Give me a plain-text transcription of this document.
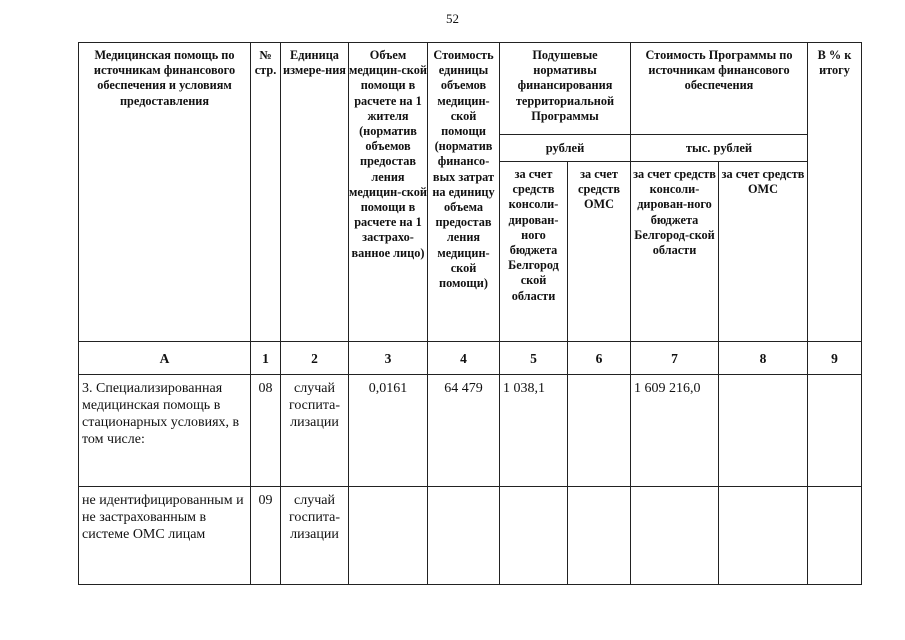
52
Медицинская помощь по источникам финансового обеспечения и условиям предоставления	№ стр.	Единица измере-ния	Объем медицин-ской помощи в расчете на 1 жителя (норматив объемов предостав ления медицин-ской помощи в расчете на 1 застрахо-ванное лицо)	Стоимость единицы объемов медицин-ской помощи (норматив финансо-вых затрат на единицу объема предостав ления медицин-ской помощи)	Подушевые нормативы финансирования территориальной Программы		Стоимость Программы по источникам финансового обеспечения		В % к итогу
					рублей		тыс. рублей		
					за счет средств консоли-дирован-ного бюджета Белгород ской области	за счет средств ОМС	за счет средств консоли-дирован-ного бюджета Белгород-ской области	за счет средств ОМС	
А	1	2	3	4	5	6	7	8	9
3. Специализированная медицинская помощь в стационарных условиях, в том числе:	08	случай госпита-лизации	0,0161	64 479	1 038,1		1 609 216,0		
не идентифицированным и не застрахованным в системе ОМС лицам	09	случай госпита-лизации							
